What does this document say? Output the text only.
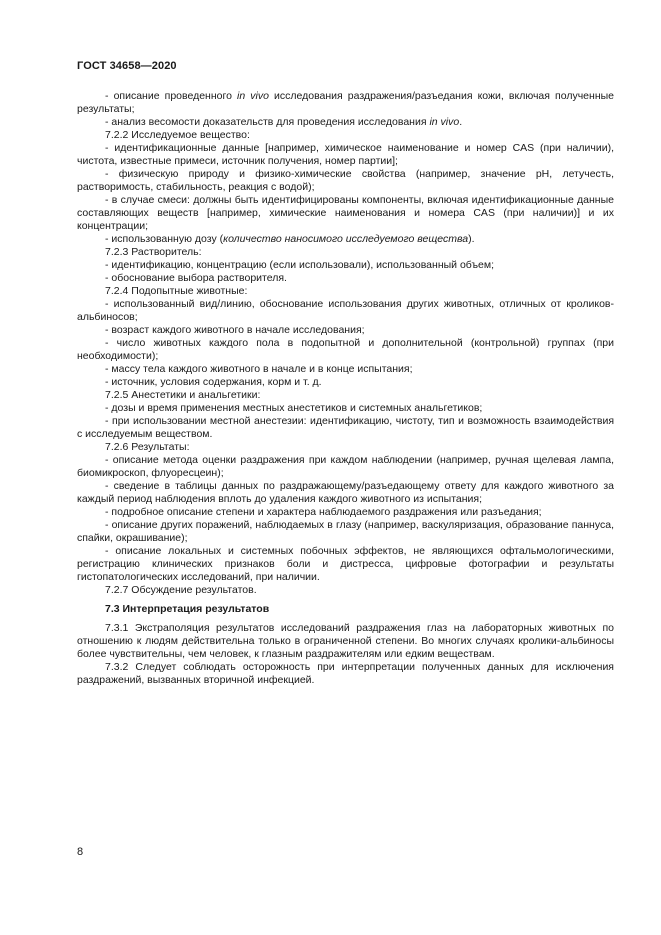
ГОСТ 34658—2020

- описание проведенного in vivo исследования раздражения/разъедания кожи, включая полученные результаты;

- анализ весомости доказательств для проведения исследования in vivo.

7.2.2 Исследуемое вещество:

- идентификационные данные [например, химическое наименование и номер CAS (при наличии), чистота, известные примеси, источник получения, номер партии];

- физическую природу и физико-химические свойства (например, значение pH, летучесть, растворимость, стабильность, реакция с водой);

- в случае смеси: должны быть идентифицированы компоненты, включая идентификационные данные составляющих веществ [например, химические наименования и номера CAS (при наличии)] и их концентрации;

- использованную дозу (количество наносимого исследуемого вещества).

7.2.3 Растворитель:

- идентификацию, концентрацию (если использовали), использованный объем;

- обоснование выбора растворителя.

7.2.4 Подопытные животные:

- использованный вид/линию, обоснование использования других животных, отличных от кроликов-альбиносов;

- возраст каждого животного в начале исследования;

- число животных каждого пола в подопытной и дополнительной (контрольной) группах (при необходимости);

- массу тела каждого животного в начале и в конце испытания;

- источник, условия содержания, корм и т. д.

7.2.5 Анестетики и анальгетики:

- дозы и время применения местных анестетиков и системных анальгетиков;

- при использовании местной анестезии: идентификацию, чистоту, тип и возможность взаимодействия с исследуемым веществом.

7.2.6 Результаты:

- описание метода оценки раздражения при каждом наблюдении (например, ручная щелевая лампа, биомикроскоп, флуоресцеин);

- сведение в таблицы данных по раздражающему/разъедающему ответу для каждого животного за каждый период наблюдения вплоть до удаления каждого животного из испытания;

- подробное описание степени и характера наблюдаемого раздражения или разъедания;

- описание других поражений, наблюдаемых в глазу (например, васкуляризация, образование паннуса, спайки, окрашивание);

- описание локальных и системных побочных эффектов, не являющихся офтальмологическими, регистрацию клинических признаков боли и дистресса, цифровые фотографии и результаты гистопатологических исследований, при наличии.

7.2.7 Обсуждение результатов.

7.3 Интерпретация результатов

7.3.1 Экстраполяция результатов исследований раздражения глаз на лабораторных животных по отношению к людям действительна только в ограниченной степени. Во многих случаях кролики-альбиносы более чувствительны, чем человек, к глазным раздражителям или едким веществам.

7.3.2 Следует соблюдать осторожность при интерпретации полученных данных для исключения раздражений, вызванных вторичной инфекцией.

8
